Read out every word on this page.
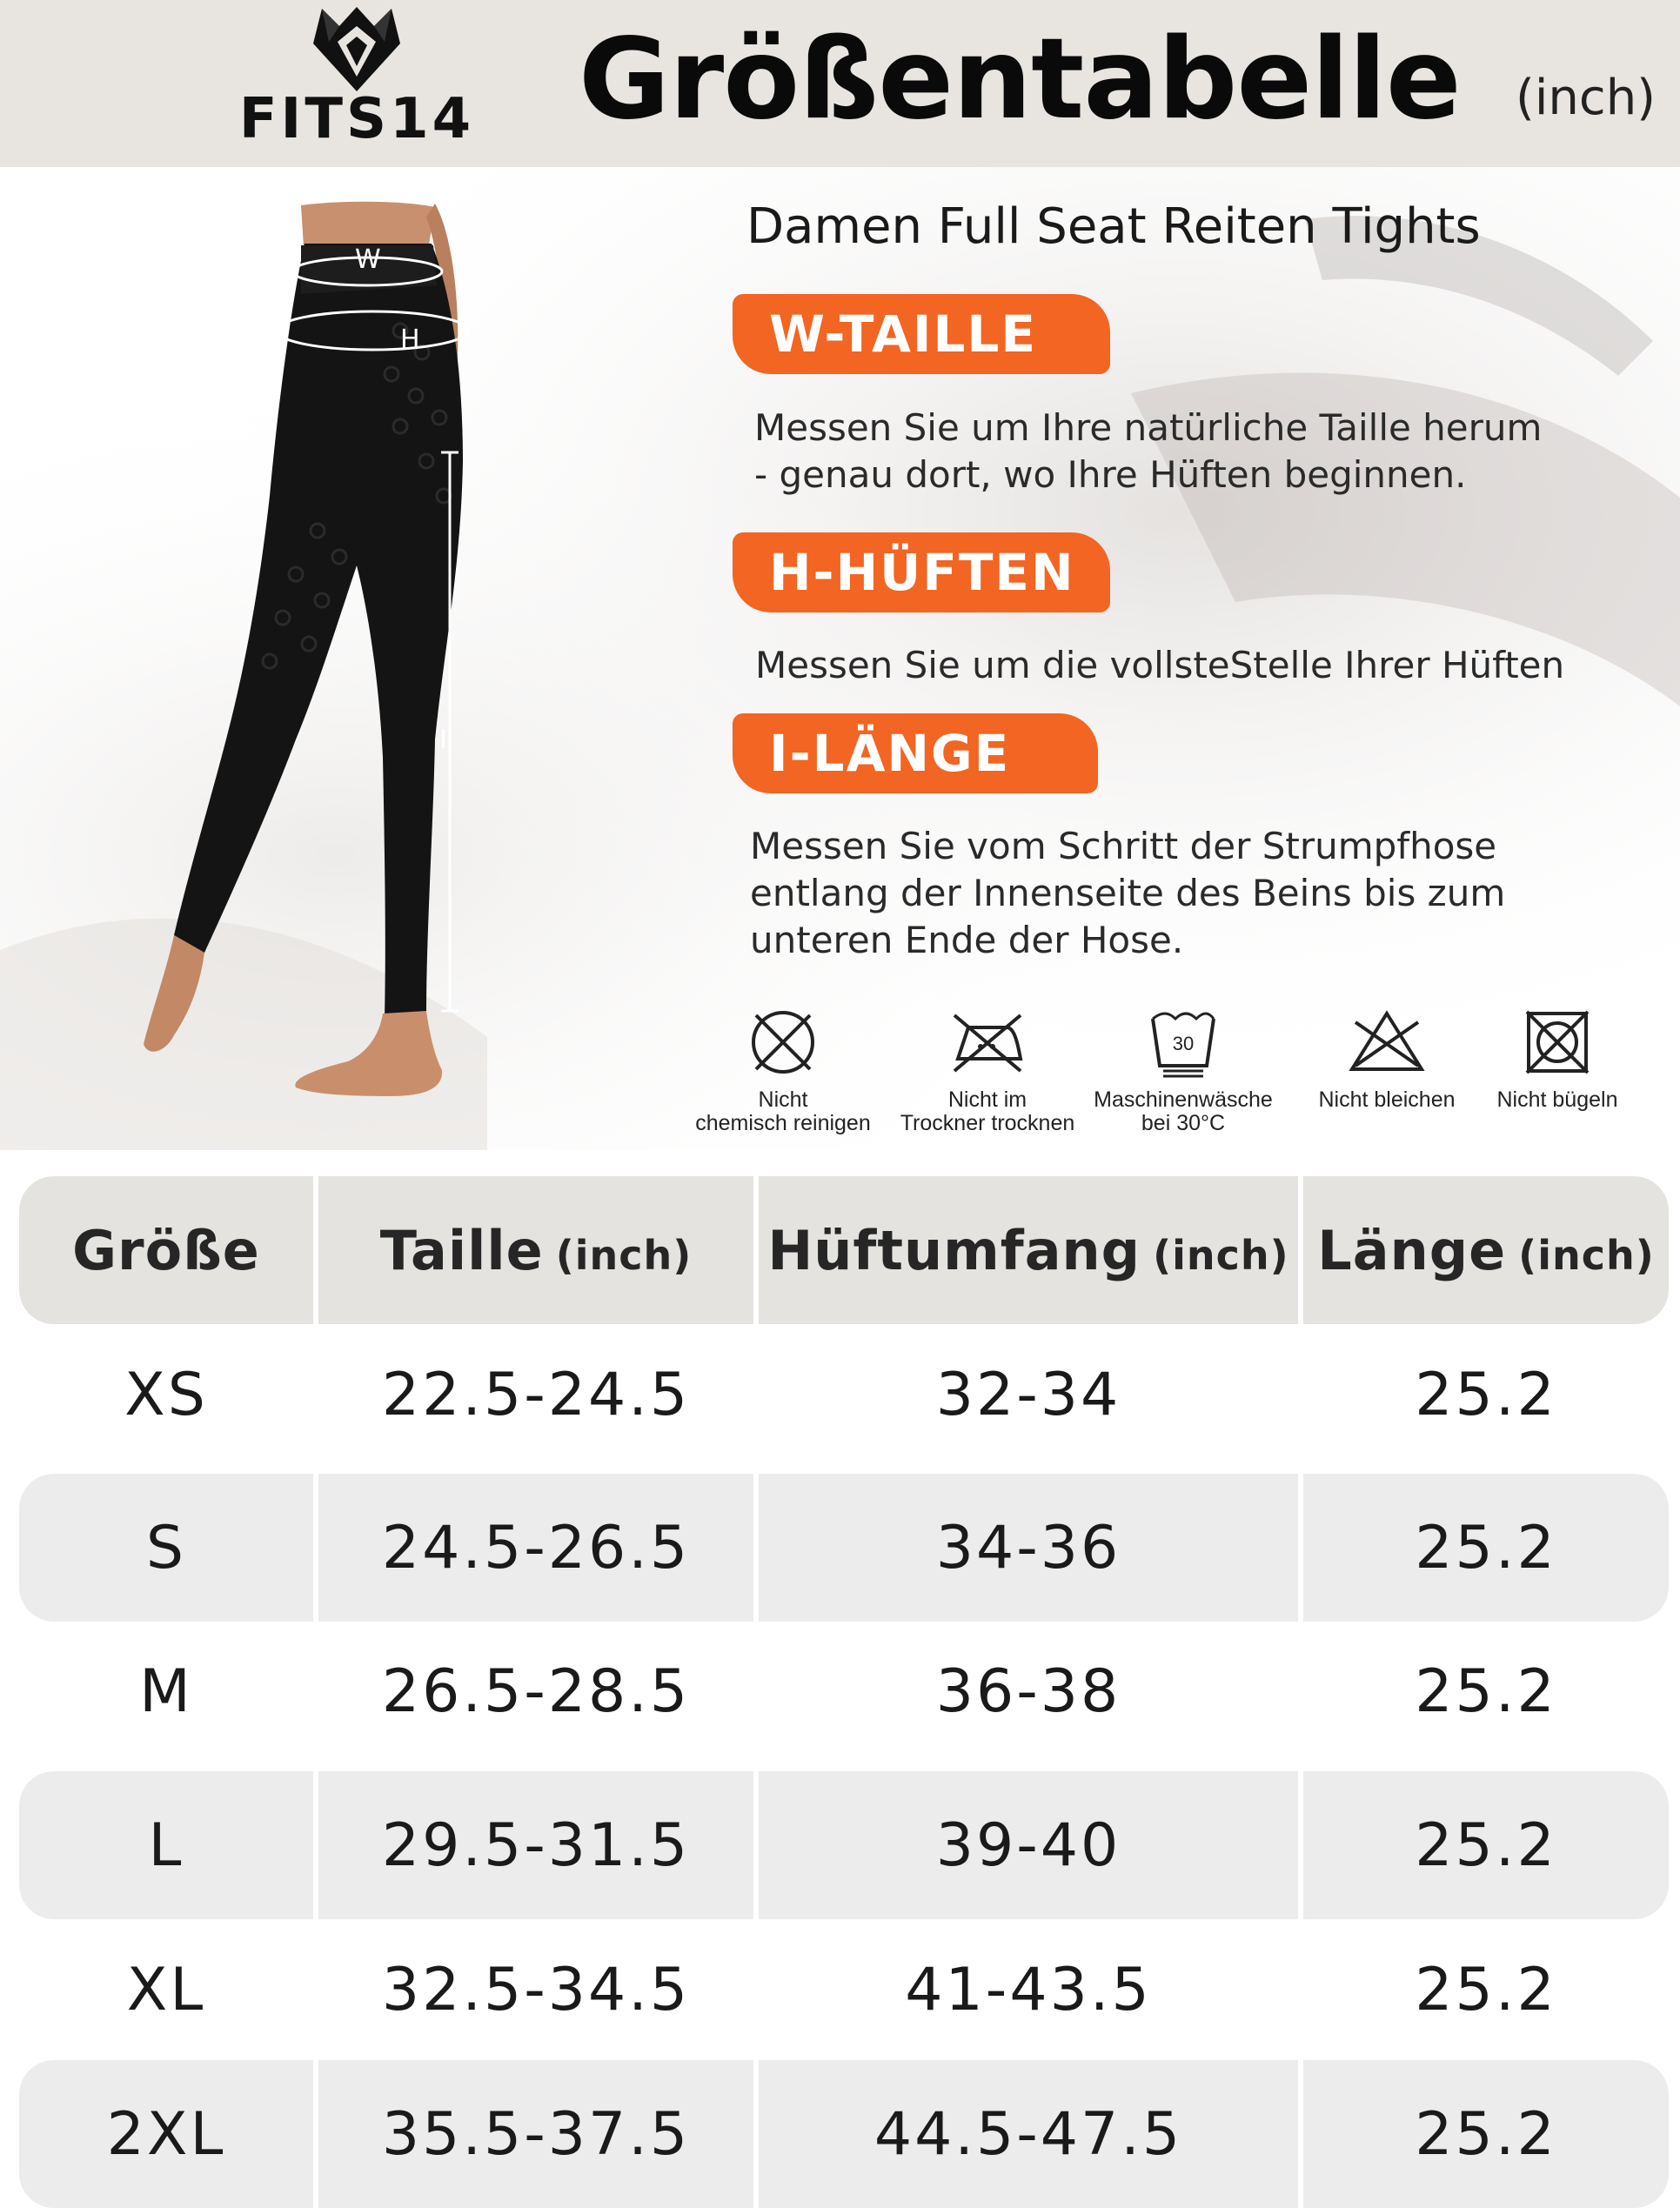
FITS14 Größentabelle (inch)
W
H
I
Damen Full Seat Reiten Tights
W-TAILLE
Messen Sie um Ihre natürliche Taille herum
- genau dort, wo Ihre Hüften beginnen.
H-HÜFTEN
Messen Sie um die vollsteStelle Ihrer Hüften
I-LÄNGE
Messen Sie vom Schritt der Strumpfhose
entlang der Innenseite des Beins bis zum
unteren Ende der Hose.
Nicht
chemisch reinigen
Nicht im
Trockner trocknen
30
Maschinenwäsche
bei 30°C
Nicht bleichen	Nicht bügeln
Größe Taille (inch) Hüftumfang (inch) Länge (inch)
XS	22.5-24.5	32-34	25.2
S	24.5-26.5	34-36	25.2
M	26.5-28.5	36-38	25.2
L	29.5-31.5	39-40	25.2
XL	32.5-34.5	41-43.5	25.2
2XL	35.5-37.5	44.5-47.5	25.2
